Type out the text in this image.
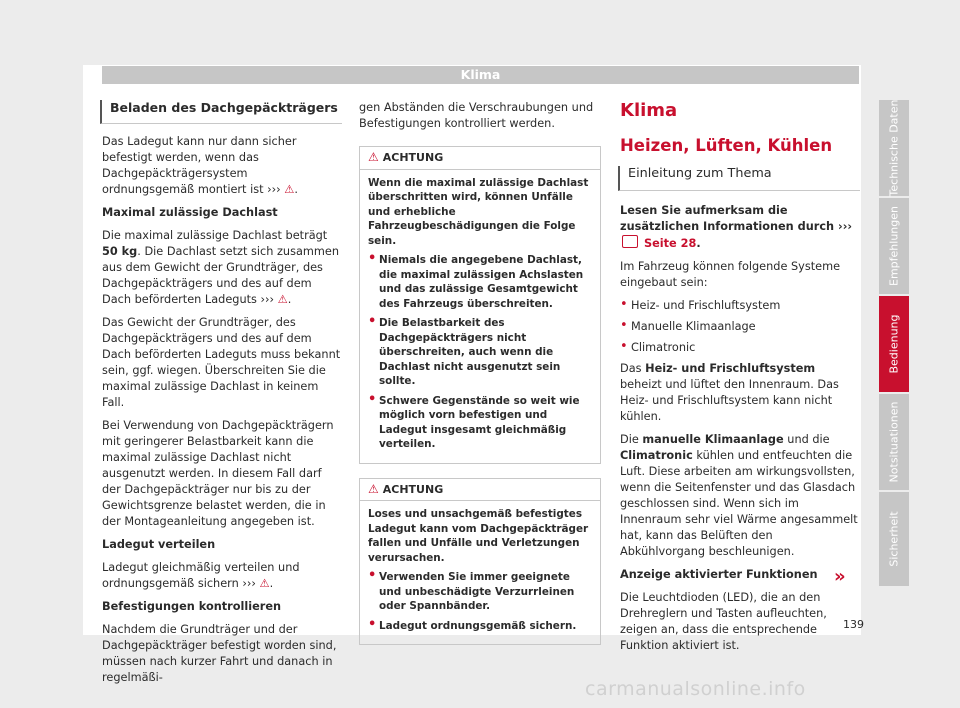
Klima
Beladen des Dachgepäckträgers

Das Ladegut kann nur dann sicher befestigt werden, wenn das Dachgepäckträgersystem ordnungsgemäß montiert ist ››› ⚠.

Maximal zulässige Dachlast

Die maximal zulässige Dachlast beträgt 50 kg. Die Dachlast setzt sich zusammen aus dem Gewicht der Grundträger, des Dachgepäckträgers und des auf dem Dach beförderten Ladeguts ››› ⚠.

Das Gewicht der Grundträger, des Dachgepäckträgers und des auf dem Dach beförderten Ladeguts muss bekannt sein, ggf. wiegen. Überschreiten Sie die maximal zulässige Dachlast in keinem Fall.

Bei Verwendung von Dachgepäckträgern mit geringerer Belastbarkeit kann die maximal zulässige Dachlast nicht ausgenutzt werden. In diesem Fall darf der Dachgepäckträger nur bis zu der Gewichtsgrenze belastet werden, die in der Montageanleitung angegeben ist.

Ladegut verteilen

Ladegut gleichmäßig verteilen und ordnungsgemäß sichern ››› ⚠.

Befestigungen kontrollieren

Nachdem die Grundträger und der Dachgepäckträger befestigt worden sind, müssen nach kurzer Fahrt und danach in regelmäßi-

gen Abständen die Verschraubungen und Befestigungen kontrolliert werden.

⚠ ACHTUNG

Wenn die maximal zulässige Dachlast überschritten wird, können Unfälle und erhebliche Fahrzeugbeschädigungen die Folge sein.

• Niemals die angegebene Dachlast, die maximal zulässigen Achslasten und das zulässige Gesamtgewicht des Fahrzeugs überschreiten.
• Die Belastbarkeit des Dachgepäckträgers nicht überschreiten, auch wenn die Dachlast nicht ausgenutzt sein sollte.
• Schwere Gegenstände so weit wie möglich vorn befestigen und Ladegut insgesamt gleichmäßig verteilen.
⚠ ACHTUNG

Loses und unsachgemäß befestigtes Ladegut kann vom Dachgepäckträger fallen und Unfälle und Verletzungen verursachen.

• Verwenden Sie immer geeignete und unbeschädigte Verzurrleinen oder Spannbänder.
• Ladegut ordnungsgemäß sichern.
Klima
Heizen, Lüften, Kühlen
Einleitung zum Thema

Lesen Sie aufmerksam die zusätzlichen Informationen durch ›››  Seite 28.

Im Fahrzeug können folgende Systeme eingebaut sein:

• Heiz- und Frischluftsystem
• Manuelle Klimaanlage
• Climatronic

Das Heiz- und Frischluftsystem beheizt und lüftet den Innenraum. Das Heiz- und Frischluftsystem kann nicht kühlen.

Die manuelle Klimaanlage und die Climatronic kühlen und entfeuchten die Luft. Diese arbeiten am wirkungsvollsten, wenn die Seitenfenster und das Glasdach geschlossen sind. Wenn sich im Innenraum sehr viel Wärme angesammelt hat, kann das Belüften den Abkühlvorgang beschleunigen.

Anzeige aktivierter Funktionen

Die Leuchtdioden (LED), die an den Drehreglern und Tasten aufleuchten, zeigen an, dass die entsprechende Funktion aktiviert ist.

»
Technische Daten
Empfehlungen
Bedienung
Notsituationen
Sicherheit
139
carmanualsonline.info
